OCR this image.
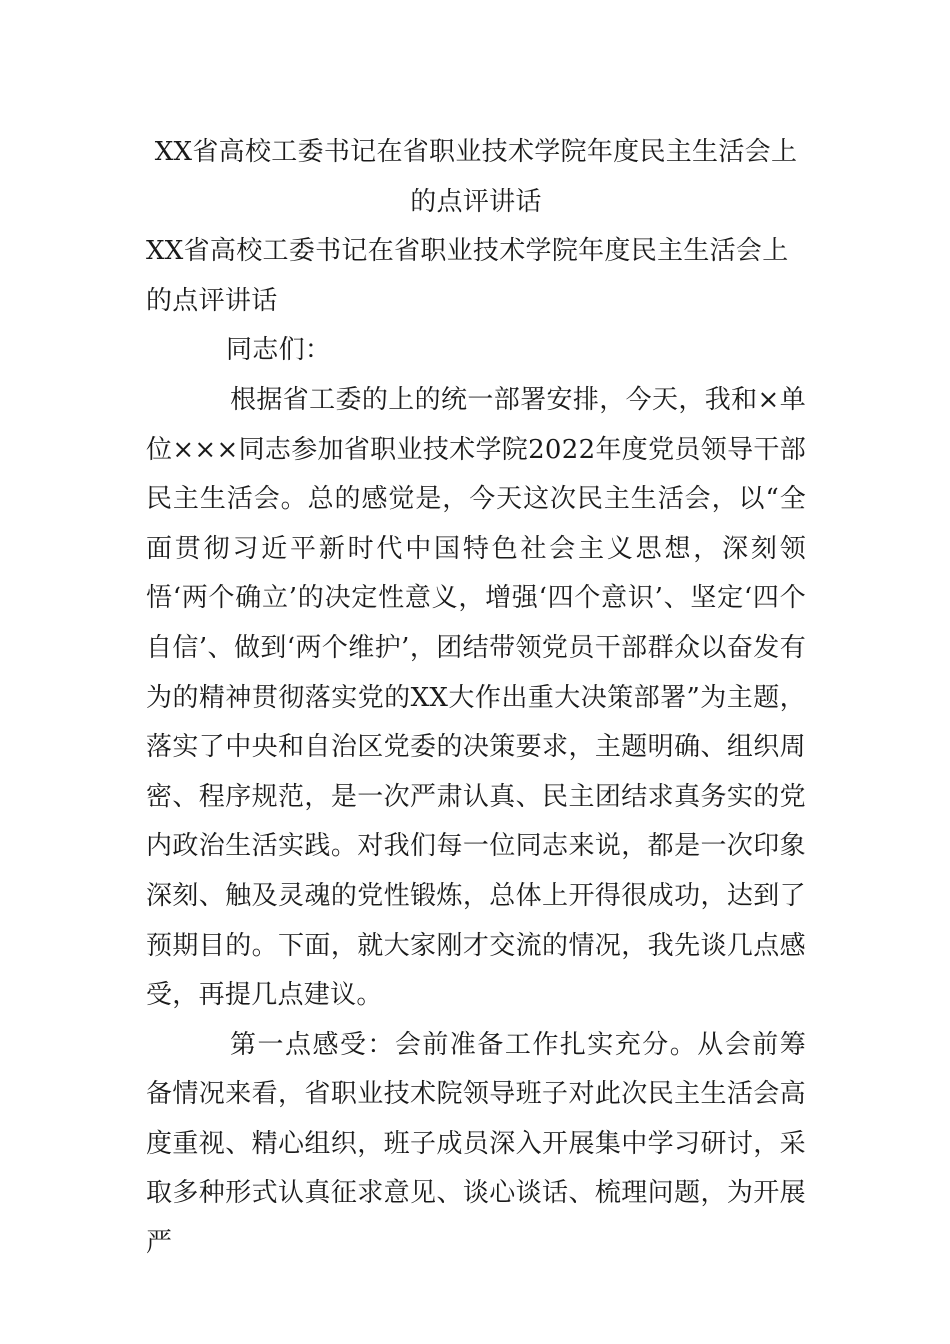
XX省高校工委书记在省职业技术学院年度民主生活会上的点评讲话
XX省高校工委书记在省职业技术学院年度民主生活会上的点评讲话

同志们：

根据省工委的上的统一部署安排，今天，我和×单位×××同志参加省职业技术学院2022年度党员领导干部民主生活会。总的感觉是，今天这次民主生活会，以“全面贯彻习近平新时代中国特色社会主义思想，深刻领悟‘两个确立’的决定性意义，增强‘四个意识’、坚定‘四个自信’、做到‘两个维护’，团结带领党员干部群众以奋发有为的精神贯彻落实党的XX大作出重大决策部署”为主题，落实了中央和自治区党委的决策要求，主题明确、组织周密、程序规范，是一次严肃认真、民主团结求真务实的党内政治生活实践。对我们每一位同志来说，都是一次印象深刻、触及灵魂的党性锻炼，总体上开得很成功，达到了预期目的。下面，就大家刚才交流的情况，我先谈几点感受，再提几点建议。

第一点感受：会前准备工作扎实充分。从会前筹备情况来看，省职业技术院领导班子对此次民主生活会高度重视、精心组织，班子成员深入开展集中学习研讨，采取多种形式认真征求意见、谈心谈话、梳理问题，为开展严
